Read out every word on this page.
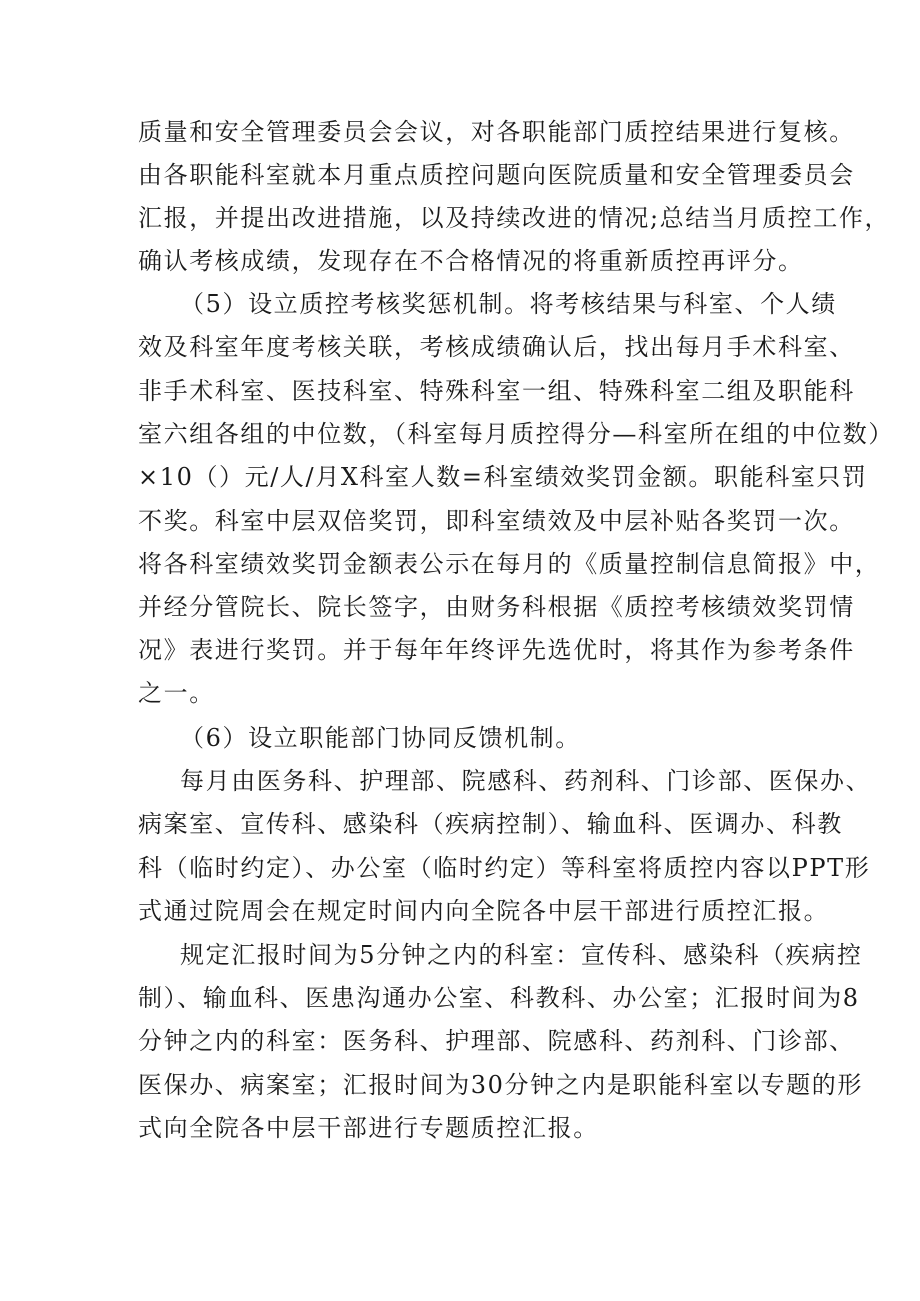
质量和安全管理委员会会议，对各职能部门质控结果进行复核。
由各职能科室就本月重点质控问题向医院质量和安全管理委员会
汇报，并提出改进措施，以及持续改进的情况;总结当月质控工作，
确认考核成绩，发现存在不合格情况的将重新质控再评分。
（5）设立质控考核奖惩机制。将考核结果与科室、个人绩
效及科室年度考核关联，考核成绩确认后，找出每月手术科室、
非手术科室、医技科室、特殊科室一组、特殊科室二组及职能科
室六组各组的中位数，（科室每月质控得分—科室所在组的中位数）
×10（）元/人/月X科室人数=科室绩效奖罚金额。职能科室只罚
不奖。科室中层双倍奖罚，即科室绩效及中层补贴各奖罚一次。
将各科室绩效奖罚金额表公示在每月的《质量控制信息简报》中，
并经分管院长、院长签字，由财务科根据《质控考核绩效奖罚情
况》表进行奖罚。并于每年年终评先选优时，将其作为参考条件
之一。
（6）设立职能部门协同反馈机制。
每月由医务科、护理部、院感科、药剂科、门诊部、医保办、
病案室、宣传科、感染科（疾病控制）、输血科、医调办、科教
科（临时约定）、办公室（临时约定）等科室将质控内容以PPT形
式通过院周会在规定时间内向全院各中层干部进行质控汇报。
规定汇报时间为5分钟之内的科室：宣传科、感染科（疾病控
制）、输血科、医患沟通办公室、科教科、办公室；汇报时间为8
分钟之内的科室：医务科、护理部、院感科、药剂科、门诊部、
医保办、病案室；汇报时间为30分钟之内是职能科室以专题的形
式向全院各中层干部进行专题质控汇报。
